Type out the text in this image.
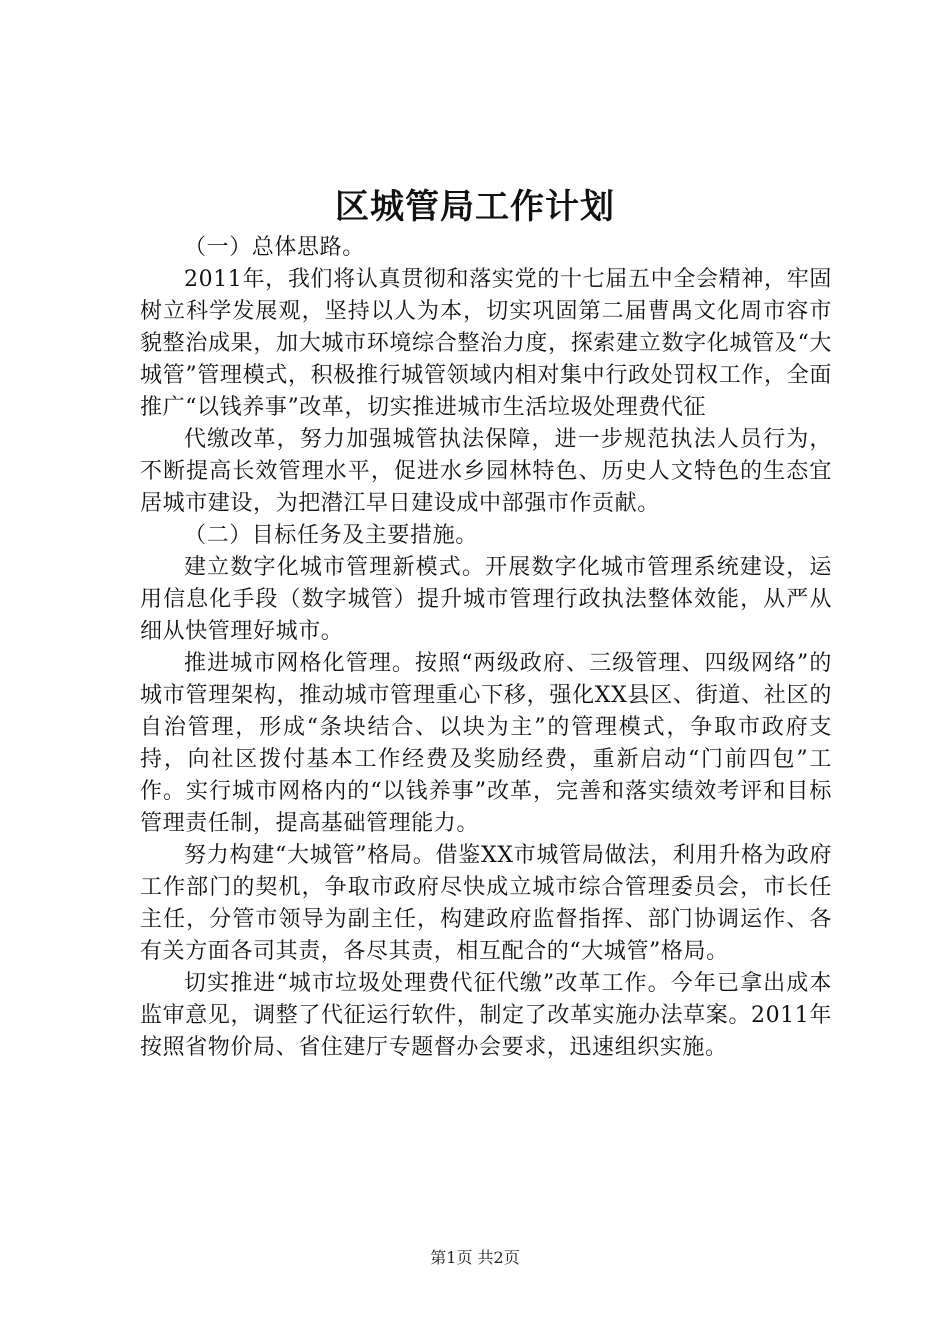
区城管局工作计划

（一）总体思路。

2011年，我们将认真贯彻和落实党的十七届五中全会精神，牢固树立科学发展观，坚持以人为本，切实巩固第二届曹禺文化周市容市貌整治成果，加大城市环境综合整治力度，探索建立数字化城管及“大城管”管理模式，积极推行城管领域内相对集中行政处罚权工作，全面推广“以钱养事”改革，切实推进城市生活垃圾处理费代征

代缴改革，努力加强城管执法保障，进一步规范执法人员行为，不断提高长效管理水平，促进水乡园林特色、历史人文特色的生态宜居城市建设，为把潜江早日建设成中部强市作贡献。

（二）目标任务及主要措施。

建立数字化城市管理新模式。开展数字化城市管理系统建设，运用信息化手段（数字城管）提升城市管理行政执法整体效能，从严从细从快管理好城市。

推进城市网格化管理。按照“两级政府、三级管理、四级网络”的城市管理架构，推动城市管理重心下移，强化XX县区、街道、社区的自治管理，形成“条块结合、以块为主”的管理模式，争取市政府支持，向社区拨付基本工作经费及奖励经费，重新启动“门前四包”工作。实行城市网格内的“以钱养事”改革，完善和落实绩效考评和目标管理责任制，提高基础管理能力。

努力构建“大城管”格局。借鉴XX市城管局做法，利用升格为政府工作部门的契机，争取市政府尽快成立城市综合管理委员会，市长任主任，分管市领导为副主任，构建政府监督指挥、部门协调运作、各有关方面各司其责，各尽其责，相互配合的“大城管”格局。

切实推进“城市垃圾处理费代征代缴”改革工作。今年已拿出成本监审意见，调整了代征运行软件，制定了改革实施办法草案。2011年按照省物价局、省住建厅专题督办会要求，迅速组织实施。

第1页 共2页
